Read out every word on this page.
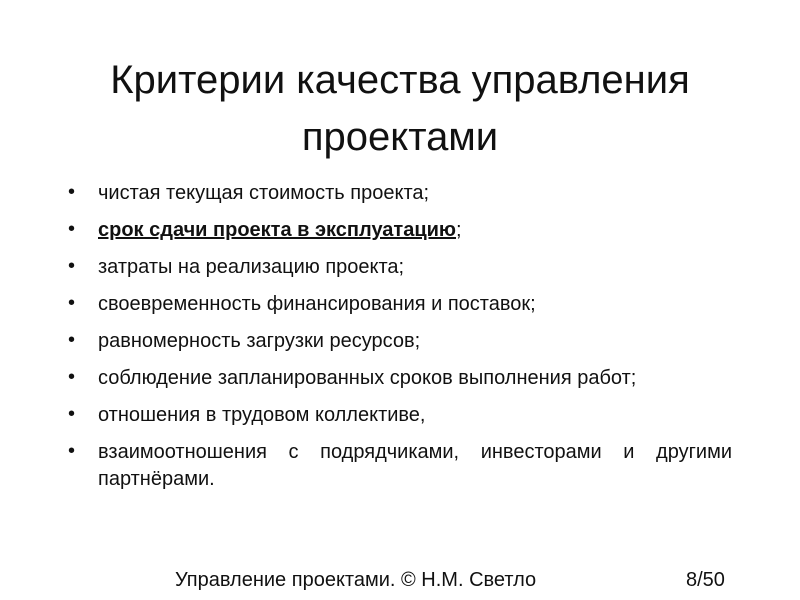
Критерии качества управления проектами
• чистая текущая стоимость проекта;
• срок сдачи проекта в эксплуатацию;
• затраты на реализацию проекта;
• своевременность финансирования и поставок;
• равномерность загрузки ресурсов;
• соблюдение запланированных сроков выполнения работ;
• отношения в трудовом коллективе,
• взаимоотношения с подрядчиками, инвесторами и другими партнёрами.
Управление проектами. © Н.М. Светло	8/50
